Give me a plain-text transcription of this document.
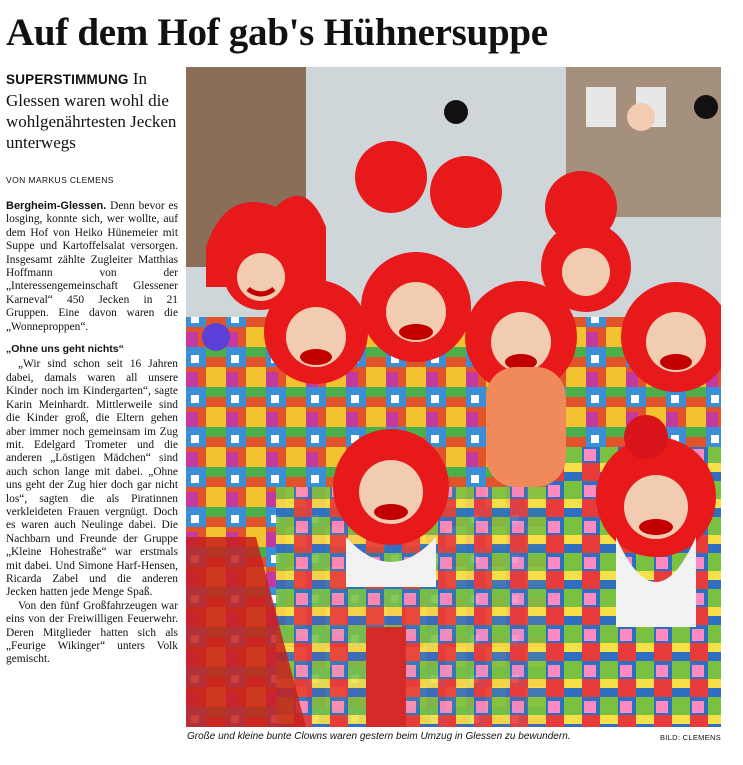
Auf dem Hof gab's Hühnersuppe

SUPERSTIMMUNG In Glessen waren wohl die wohlgenährtesten Jecken unterwegs

VON MARKUS CLEMENS

Bergheim-Glessen. Denn bevor es losging, konnte sich, wer wollte, auf dem Hof von Heiko Hünemeier mit Suppe und Kartoffelsalat versorgen. Insgesamt zählte Zugleiter Matthias Hoffmann von der „Interessengemeinschaft Glessener Karneval“ 450 Jecken in 21 Gruppen. Eine davon waren die „Wonneproppen“.

„Ohne uns geht nichts“

„Wir sind schon seit 16 Jahren dabei, damals waren all unsere Kinder noch im Kindergarten“, sagte Karin Meinhardt. Mittlerweile sind die Kinder groß, die Eltern gehen aber immer noch gemeinsam im Zug mit. Edelgard Trometer und die anderen „Löstigen Mädchen“ sind auch schon lange mit dabei. „Ohne uns geht der Zug hier doch gar nicht los“, sagten die als Piratinnen verkleideten Frauen vergnügt. Doch es waren auch Neulinge dabei. Die Nachbarn und Freunde der Gruppe „Kleine Hohestraße“ war erstmals mit dabei. Und Simone Harf-Hensen, Ricarda Zabel und die anderen Jecken hatten jede Menge Spaß.

Von den fünf Großfahrzeugen war eins von der Freiwilligen Feuerwehr. Deren Mitglieder hatten sich als „Feurige Wikinger“ unters Volk gemischt.

Große und kleine bunte Clowns waren gestern beim Umzug in Glessen zu bewundern.	BILD: CLEMENS
